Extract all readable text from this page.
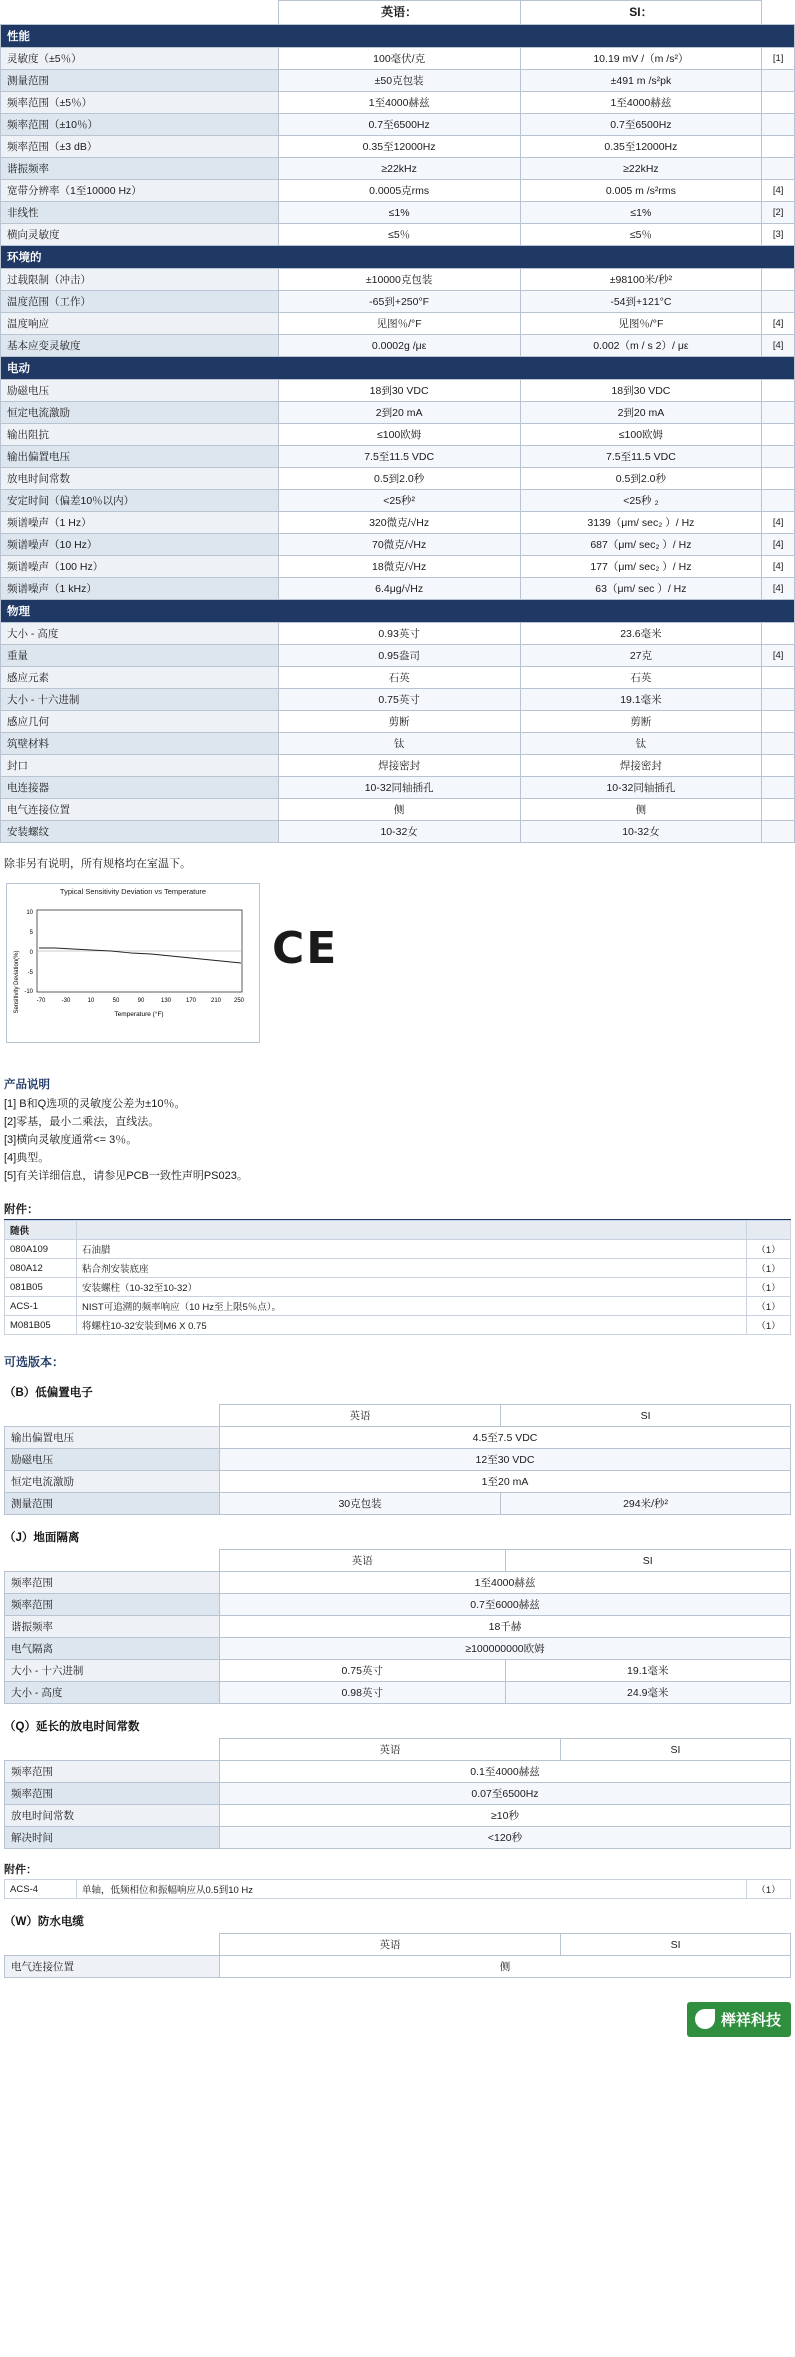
	英语：	SI：	
性能			
灵敏度（±5％）	100毫伏/克	10.19 mV /（m /s²）	[1]
测量范围	±50克包装	±491 m /s²pk	
频率范围（±5％）	1至4000赫兹	1至4000赫兹	
频率范围（±10％）	0.7至6500Hz	0.7至6500Hz	
频率范围（±3 dB）	0.35至12000Hz	0.35至12000Hz	
谐振频率	≥22kHz	≥22kHz	
宽带分辨率（1至10000 Hz）	0.0005克rms	0.005 m /s²rms	[4]
非线性	≤1%	≤1%	[2]
横向灵敏度	≤5％	≤5％	[3]
环境的			
过载限制（冲击）	±10000克包装	±98100米/秒²	
温度范围（工作）	-65到+250°F	-54到+121°C	
温度响应	见图％/°F	见图％/°F	[4]
基本应变灵敏度	0.0002g /με	0.002（m / s 2）/ με	[4]
电动			
励磁电压	18到30 VDC	18到30 VDC	
恒定电流激励	2到20 mA	2到20 mA	
输出阻抗	≤100欧姆	≤100欧姆	
输出偏置电压	7.5至11.5 VDC	7.5至11.5 VDC	
放电时间常数	0.5到2.0秒	0.5到2.0秒	
安定时间（偏差10％以内）	<25秒²	<25秒 ₂	
频谱噪声（1 Hz）	320微克/√Hz	3139（μm/ sec₂ ）/ Hz	[4]
频谱噪声（10 Hz）	70微克/√Hz	687（μm/ sec₂ ）/ Hz	[4]
频谱噪声（100 Hz）	18微克/√Hz	177（μm/ sec₂ ）/ Hz	[4]
频谱噪声（1 kHz）	6.4μg/√Hz	63（μm/ sec ）/ Hz	[4]
物理			
大小 - 高度	0.93英寸	23.6毫米	
重量	0.95盎司	27克	[4]
感应元素	石英	石英	
大小 - 十六进制	0.75英寸	19.1毫米	
感应几何	剪断	剪断	
筑壁材料	钛	钛	
封口	焊接密封	焊接密封	
电连接器	10-32同轴插孔	10-32同轴插孔	
电气连接位置	侧	侧	
安装螺纹	10-32女	10-32女	
除非另有说明，所有规格均在室温下。
Typical Sensitivity Deviation vs Temperature
Sensitivity Deviation(%)
10
5
0
-5
-10
-70	-30	10	50	90	130 170 210 250
Temperature (°F)
CE
产品说明
[1] B和Q选项的灵敏度公差为±10％。
[2]零基，最小二乘法，直线法。
[3]横向灵敏度通常<= 3％。
[4]典型。
[5]有关详细信息，请参见PCB一致性声明PS023。
附件：
随供		
080A109	石油腊	（1）
080A12	粘合剂安装底座	（1）
081B05	安装螺柱（10-32至10-32）	（1）
ACS-1	NIST可追溯的频率响应（10 Hz至上限5％点）。	（1）
M081B05	将螺柱10-32安装到M6 X 0.75	（1）
可选版本：
（B）低偏置电子
	英语	SI
输出偏置电压	4.5至7.5 VDC	
励磁电压	12至30 VDC	
恒定电流激励	1至20 mA	
测量范围	30克包装	294米/秒²
（J）地面隔离
	英语	SI
频率范围	1至4000赫兹	
频率范围	0.7至6000赫兹	
谐振频率	18千赫	
电气隔离	≥100000000欧姆	
大小 - 十六进制	0.75英寸	19.1毫米
大小 - 高度	0.98英寸	24.9毫米
（Q）延长的放电时间常数
	英语	SI
频率范围	0.1至4000赫兹	
频率范围	0.07至6500Hz	
放电时间常数	≥10秒	
解决时间	<120秒	
附件：
ACS-4	单轴，低频相位和振幅响应从0.5到10 Hz	（1）
（W）防水电缆
	英语	SI
电气连接位置	侧	
榉祥科技
